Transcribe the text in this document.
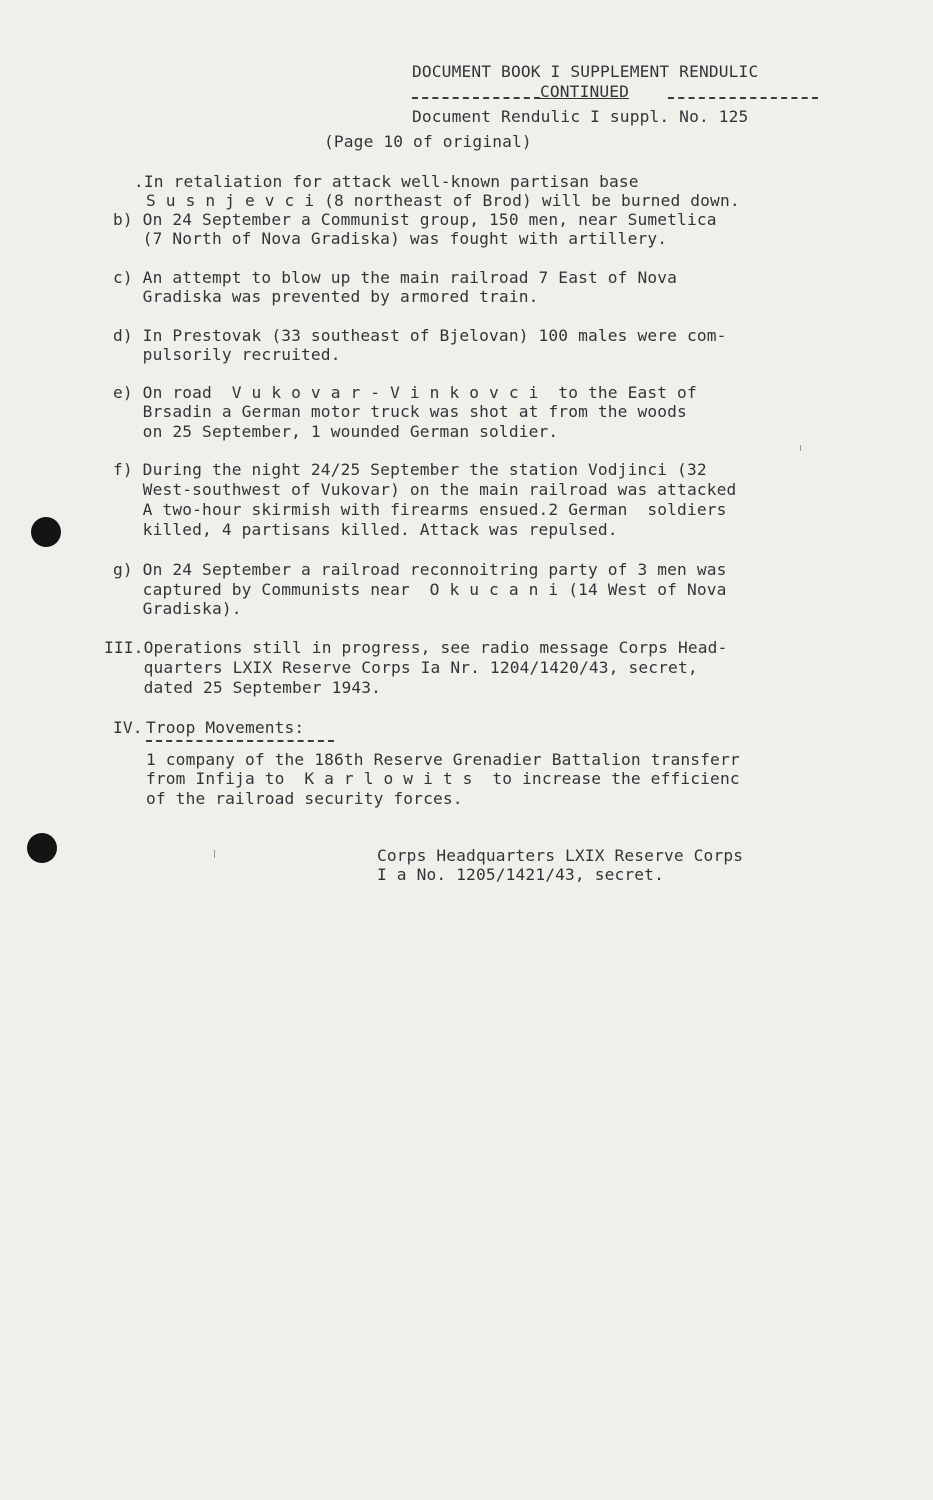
DOCUMENT BOOK I SUPPLEMENT RENDULIC
CONTINUED
Document Rendulic I suppl. No. 125
(Page 10 of original)
.In retaliation for attack well-known partisan base
S u s n j e v c i (8 northeast of Brod) will be burned down.
b) On 24 September a Communist group, 150 men, near Sumetlica
(7 North of Nova Gradiska) was fought with artillery.
c) An attempt to blow up the main railroad 7 East of Nova
Gradiska was prevented by armored train.
d) In Prestovak (33 southeast of Bjelovan) 100 males were com-
pulsorily recruited.
e) On road  V u k o v a r - V i n k o v c i  to the East of
Brsadin a German motor truck was shot at from the woods
on 25 September, 1 wounded German soldier.
f) During the night 24/25 September the station Vodjinci (32
West-southwest of Vukovar) on the main railroad was attacked
A two-hour skirmish with firearms ensued.2 German  soldiers
killed, 4 partisans killed. Attack was repulsed.
g) On 24 September a railroad reconnoitring party of 3 men was
captured by Communists near  O k u c a n i (14 West of Nova
Gradiska).
III.Operations still in progress, see radio message Corps Head-
quarters LXIX Reserve Corps Ia Nr. 1204/1420/43, secret,
dated 25 September 1943.
IV. Troop Movements:
1 company of the 186th Reserve Grenadier Battalion transferr
from Infija to  K a r l o w i t s  to increase the efficienc
of the railroad security forces.
Corps Headquarters LXIX Reserve Corps
I a No. 1205/1421/43, secret.
